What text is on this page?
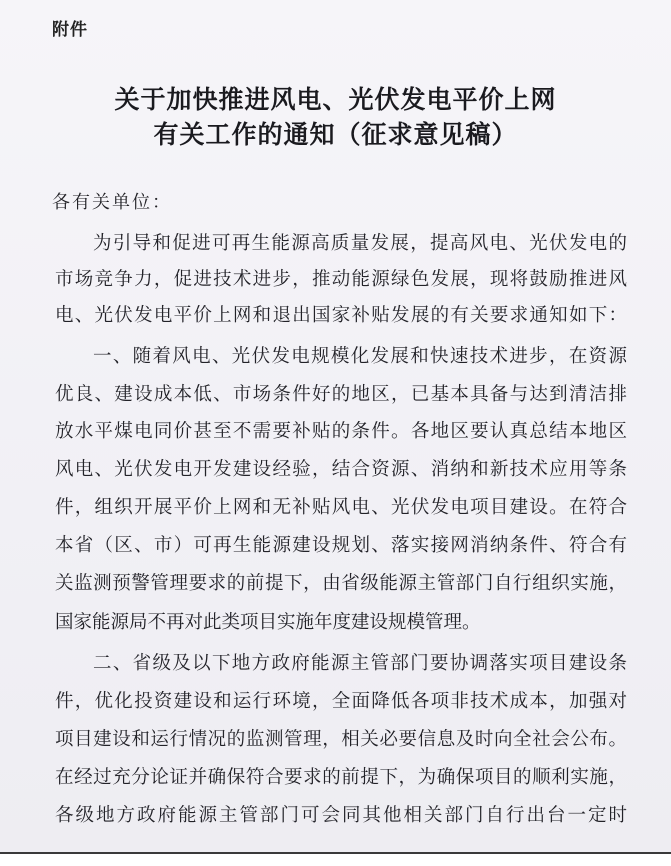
附件
关于加快推进风电、光伏发电平价上网
有关工作的通知（征求意见稿）
各有关单位：
为引导和促进可再生能源高质量发展，提高风电、光伏发电的
市场竞争力，促进技术进步，推动能源绿色发展，现将鼓励推进风
电、光伏发电平价上网和退出国家补贴发展的有关要求通知如下：
一、随着风电、光伏发电规模化发展和快速技术进步，在资源
优良、建设成本低、市场条件好的地区，已基本具备与达到清洁排
放水平煤电同价甚至不需要补贴的条件。各地区要认真总结本地区
风电、光伏发电开发建设经验，结合资源、消纳和新技术应用等条
件，组织开展平价上网和无补贴风电、光伏发电项目建设。在符合
本省（区、市）可再生能源建设规划、落实接网消纳条件、符合有
关监测预警管理要求的前提下，由省级能源主管部门自行组织实施，
国家能源局不再对此类项目实施年度建设规模管理。
二、省级及以下地方政府能源主管部门要协调落实项目建设条
件，优化投资建设和运行环境，全面降低各项非技术成本，加强对
项目建设和运行情况的监测管理，相关必要信息及时向全社会公布。
在经过充分论证并确保符合要求的前提下，为确保项目的顺利实施，
各级地方政府能源主管部门可会同其他相关部门自行出台一定时
